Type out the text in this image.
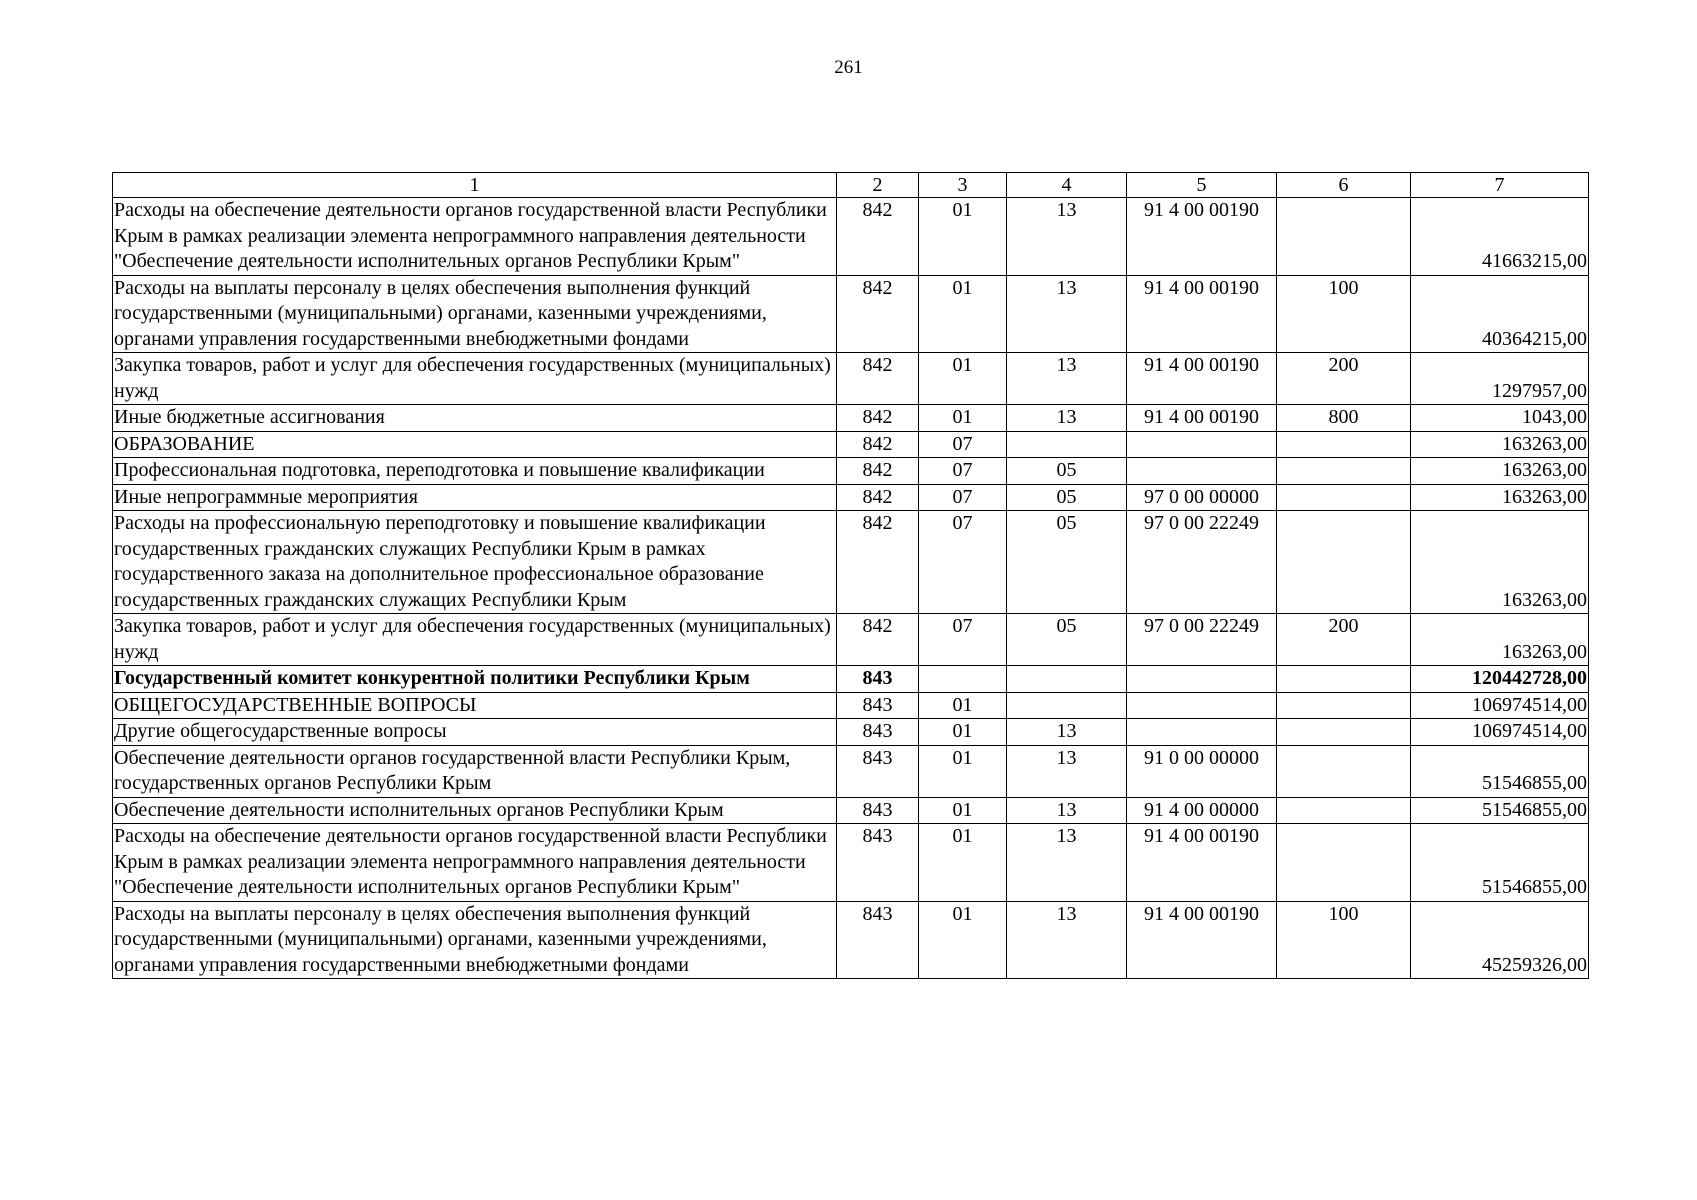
261
1	2	3	4	5	6	7
Расходы на обеспечение деятельности органов государственной власти Республики Крым в рамках реализации элемента непрограммного направления деятельности "Обеспечение деятельности исполнительных органов Республики Крым"	842	01	13	91 4 00 00190		41663215,00
Расходы на выплаты персоналу в целях обеспечения выполнения функций государственными (муниципальными) органами, казенными учреждениями, органами управления государственными внебюджетными фондами	842	01	13	91 4 00 00190	100	40364215,00
Закупка товаров, работ и услуг для обеспечения государственных (муниципальных) нужд	842	01	13	91 4 00 00190	200	1297957,00
Иные бюджетные ассигнования	842	01	13	91 4 00 00190	800	1043,00
ОБРАЗОВАНИЕ	842	07				163263,00
Профессиональная подготовка, переподготовка и повышение квалификации	842	07	05			163263,00
Иные непрограммные мероприятия	842	07	05	97 0 00 00000		163263,00
Расходы на профессиональную переподготовку и повышение квалификации государственных гражданских служащих Республики Крым в рамках государственного заказа на дополнительное профессиональное образование государственных гражданских служащих Республики Крым	842	07	05	97 0 00 22249		163263,00
Закупка товаров, работ и услуг для обеспечения государственных (муниципальных) нужд	842	07	05	97 0 00 22249	200	163263,00
Государственный комитет конкурентной политики Республики Крым	843					120442728,00
ОБЩЕГОСУДАРСТВЕННЫЕ ВОПРОСЫ	843	01				106974514,00
Другие общегосударственные вопросы	843	01	13			106974514,00
Обеспечение деятельности органов государственной власти Республики Крым, государственных органов Республики Крым	843	01	13	91 0 00 00000		51546855,00
Обеспечение деятельности исполнительных органов Республики Крым	843	01	13	91 4 00 00000		51546855,00
Расходы на обеспечение деятельности органов государственной власти Республики Крым в рамках реализации элемента непрограммного направления деятельности "Обеспечение деятельности исполнительных органов Республики Крым"	843	01	13	91 4 00 00190		51546855,00
Расходы на выплаты персоналу в целях обеспечения выполнения функций государственными (муниципальными) органами, казенными учреждениями, органами управления государственными внебюджетными фондами	843	01	13	91 4 00 00190	100	45259326,00
